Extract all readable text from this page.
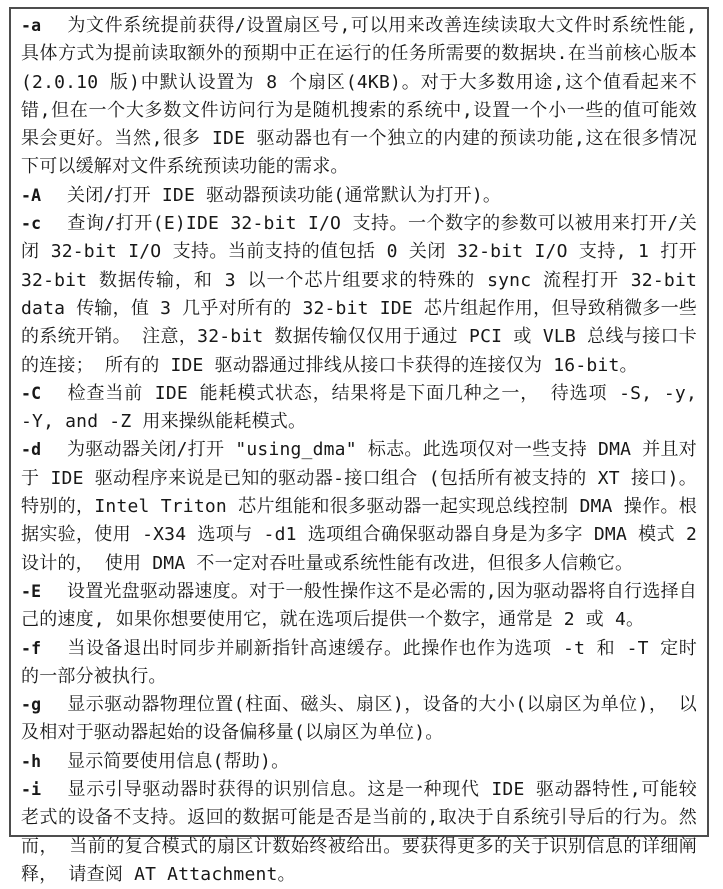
-a 为文件系统提前获得/设置扇区号,可以用来改善连续读取大文件时系统性能,具体方式为提前读取额外的预期中正在运行的任务所需要的数据块.在当前核心版本(2.0.10 版)中默认设置为 8 个扇区(4KB)。对于大多数用途,这个值看起来不错,但在一个大多数文件访问行为是随机搜索的系统中,设置一个小一些的值可能效果会更好。当然,很多 IDE 驱动器也有一个独立的内建的预读功能,这在很多情况下可以缓解对文件系统预读功能的需求。

-A 关闭/打开 IDE 驱动器预读功能(通常默认为打开)。

-c 查询/打开(E)IDE 32-bit I/O 支持。一个数字的参数可以被用来打开/关闭 32-bit I/O 支持。当前支持的值包括 0 关闭 32-bit I/O 支持, 1 打开 32-bit 数据传输，和 3 以一个芯片组要求的特殊的 sync 流程打开 32-bit data 传输，值 3 几乎对所有的 32-bit IDE 芯片组起作用，但导致稍微多一些的系统开销。 注意，32-bit 数据传输仅仅用于通过 PCI 或 VLB 总线与接口卡的连接； 所有的 IDE 驱动器通过排线从接口卡获得的连接仅为 16-bit。

-C 检查当前 IDE 能耗模式状态，结果将是下面几种之一， 待选项 -S, -y, -Y, and -Z 用来操纵能耗模式。

-d 为驱动器关闭/打开 "using_dma" 标志。此选项仅对一些支持 DMA 并且对于 IDE 驱动程序来说是已知的驱动器-接口组合 (包括所有被支持的 XT 接口)。特别的，Intel Triton 芯片组能和很多驱动器一起实现总线控制 DMA 操作。根据实验，使用 -X34 选项与 -d1 选项组合确保驱动器自身是为多字 DMA 模式 2 设计的， 使用 DMA 不一定对吞吐量或系统性能有改进，但很多人信赖它。

-E 设置光盘驱动器速度。对于一般性操作这不是必需的,因为驱动器将自行选择自己的速度, 如果你想要使用它，就在选项后提供一个数字，通常是 2 或 4。

-f 当设备退出时同步并刷新指针高速缓存。此操作也作为选项 -t 和 -T 定时的一部分被执行。

-g 显示驱动器物理位置(柱面、磁头、扇区)，设备的大小(以扇区为单位)， 以及相对于驱动器起始的设备偏移量(以扇区为单位)。

-h 显示简要使用信息(帮助)。

-i 显示引导驱动器时获得的识别信息。这是一种现代 IDE 驱动器特性,可能较老式的设备不支持。返回的数据可能是否是当前的,取决于自系统引导后的行为。然而， 当前的复合模式的扇区计数始终被给出。要获得更多的关于识别信息的详细阐释， 请查阅 AT Attachment。
